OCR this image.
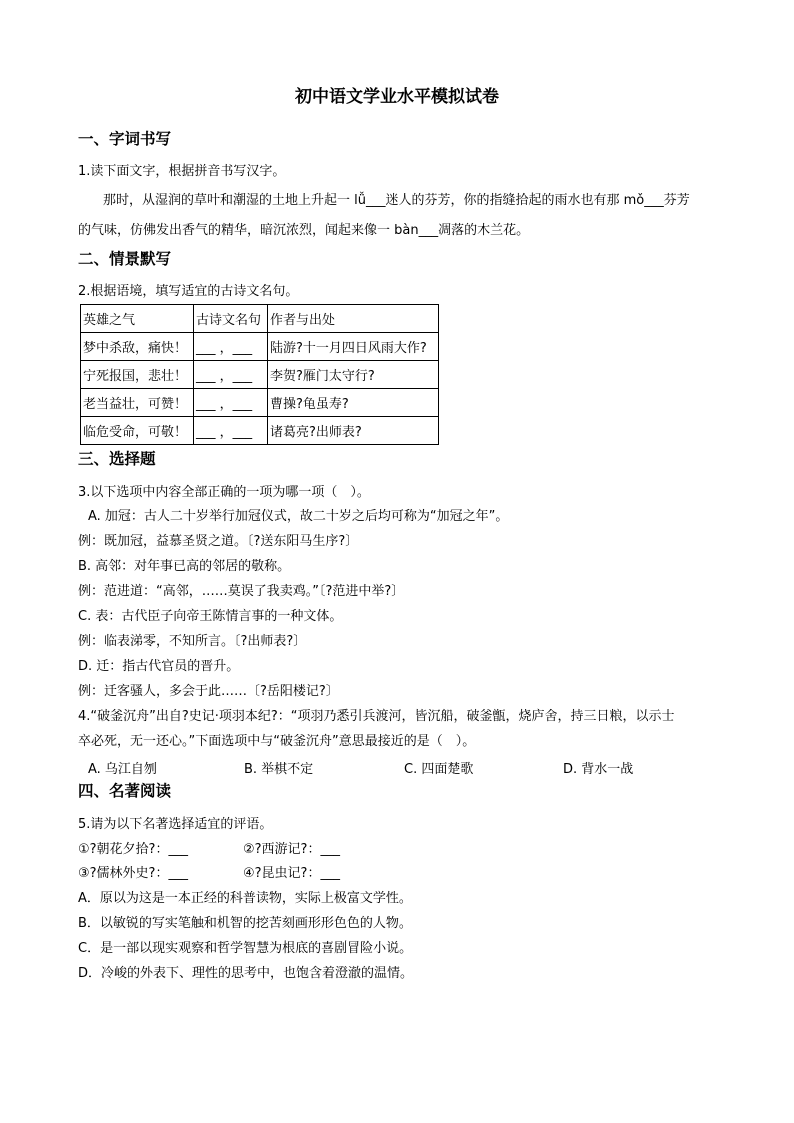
初中语文学业水平模拟试卷
一、字词书写
1.读下面文字，根据拼音书写汉字。
那时，从湿润的草叶和潮湿的土地上升起一 lǚ___迷人的芬芳，你的指缝拾起的雨水也有那 mǒ___芬芳
的气味，仿佛发出香气的精华，暗沉浓烈，闻起来像一 bàn___凋落的木兰花。
二、情景默写
2.根据语境，填写适宜的古诗文名句。
英雄之气	古诗文名句	作者与出处
梦中杀敌，痛快！	___ ，___	陆游?十一月四日风雨大作?
宁死报国，悲壮！	___ ，___	李贺?雁门太守行?
老当益壮，可赞！	___ ，___	曹操?龟虽寿?
临危受命，可敬！	___ ，___	诸葛亮?出师表?
三、选择题
3.以下选项中内容全部正确的一项为哪一项（　）。
A. 加冠：古人二十岁举行加冠仪式，故二十岁之后均可称为“加冠之年”。
例：既加冠，益慕圣贤之道。〔?送东阳马生序?〕
B. 高邻：对年事已高的邻居的敬称。
例：范进道：“高邻，……莫误了我卖鸡。”〔?范进中举?〕
C. 表：古代臣子向帝王陈情言事的一种文体。
例：临表涕零，不知所言。〔?出师表?〕
D. 迁：指古代官员的晋升。
例：迁客骚人，多会于此……〔?岳阳楼记?〕
4.“破釜沉舟”出自?史记·项羽本纪?：“项羽乃悉引兵渡河，皆沉船，破釜甑，烧庐舍，持三日粮，以示士
卒必死，无一还心。”下面选项中与“破釜沉舟”意思最接近的是（　）。
A. 乌江自刎	B. 举棋不定	C. 四面楚歌	D. 背水一战
四、名著阅读
5.请为以下名著选择适宜的评语。
①?朝花夕拾?：___	②?西游记?：___
③?儒林外史?：___	④?昆虫记?：___
A．原以为这是一本正经的科普读物，实际上极富文学性。
B．以敏锐的写实笔触和机智的挖苦刻画形形色色的人物。
C．是一部以现实观察和哲学智慧为根底的喜剧冒险小说。
D．冷峻的外表下、理性的思考中，也饱含着澄澈的温情。
